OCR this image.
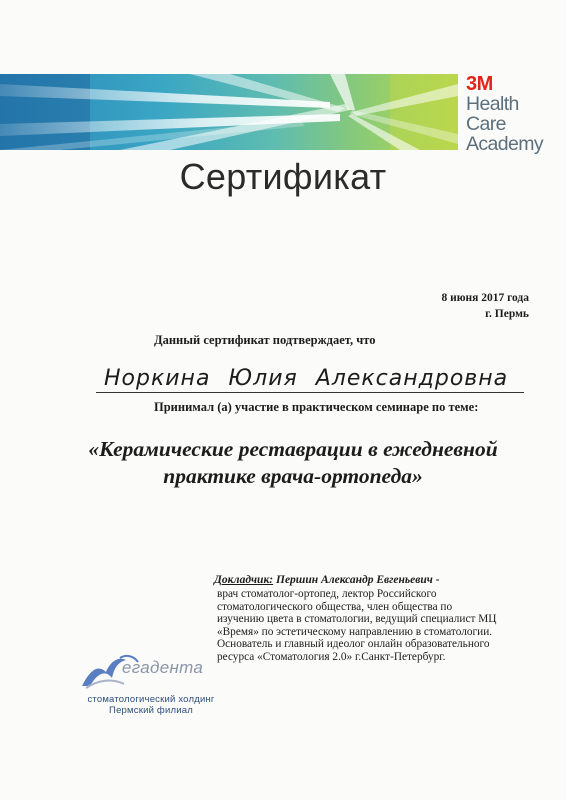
3M
Health
Care
Academy
Сертификат
8 июня 2017 года
г. Пермь
Данный сертификат подтверждает, что
Норкина Юлия Александровна
Принимал (а) участие в практическом семинаре по теме:
«Керамические реставрации в ежедневной
практике врача-ортопеда»
Докладчик: Першин Александр Евгеньевич -
врач стоматолог-ортопед, лектор Российского
стоматологического общества, член общества по
изучению цвета в стоматологии, ведущий специалист МЦ
«Время» по эстетическому направлению в стоматологии.
Основатель и главный идеолог онлайн образовательного
ресурса «Стоматология 2.0» г.Санкт-Петербург.
егадента
стоматологический холдинг
Пермский филиал
